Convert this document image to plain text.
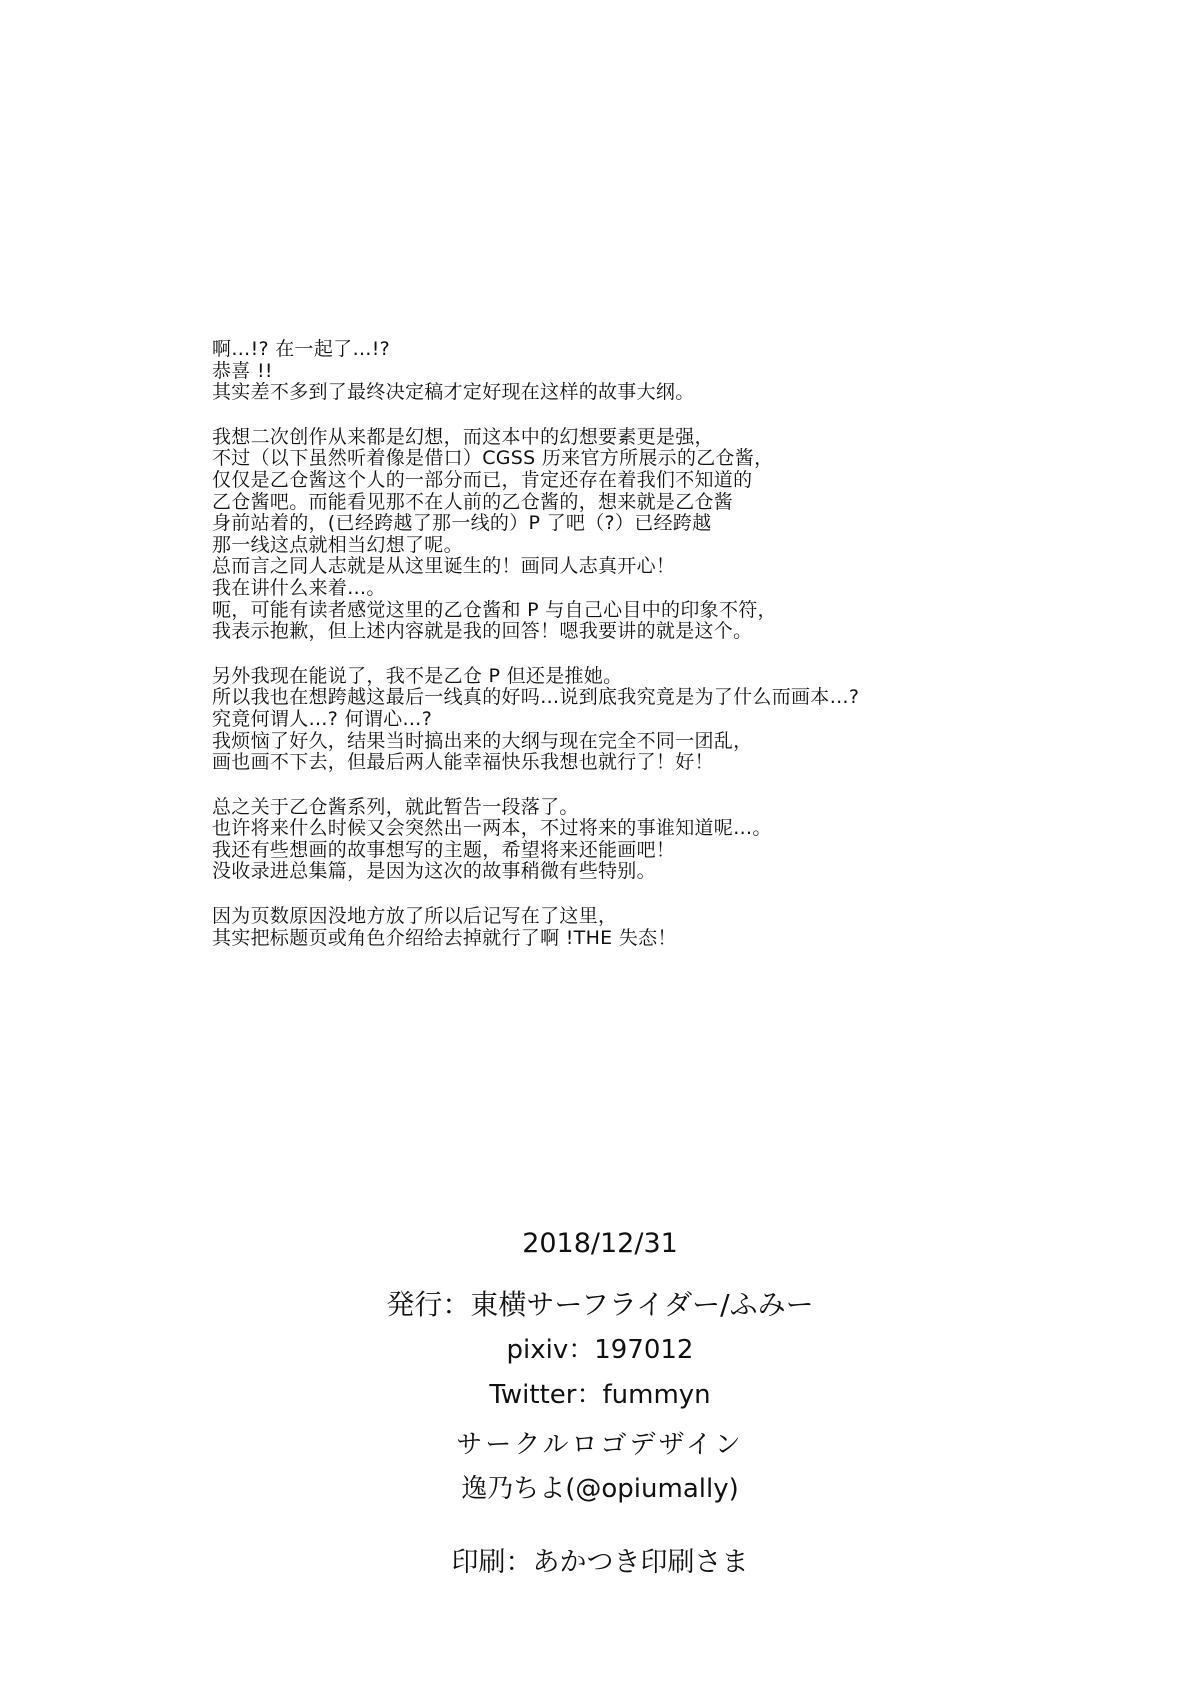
啊…!? 在一起了…!?
恭喜 !!
其实差不多到了最终决定稿才定好现在这样的故事大纲。
我想二次创作从来都是幻想，而这本中的幻想要素更是强，
不过（以下虽然听着像是借口）CGSS 历来官方所展示的乙仓酱，
仅仅是乙仓酱这个人的一部分而已，肯定还存在着我们不知道的
乙仓酱吧。而能看见那不在人前的乙仓酱的，想来就是乙仓酱
身前站着的，(已经跨越了那一线的）P 了吧（?）已经跨越
那一线这点就相当幻想了呢。
总而言之同人志就是从这里诞生的！画同人志真开心！
我在讲什么来着…。
呃，可能有读者感觉这里的乙仓酱和 P 与自己心目中的印象不符，
我表示抱歉，但上述内容就是我的回答！嗯我要讲的就是这个。
另外我现在能说了，我不是乙仓 P 但还是推她。
所以我也在想跨越这最后一线真的好吗…说到底我究竟是为了什么而画本…?
究竟何谓人…? 何谓心…?
我烦恼了好久，结果当时搞出来的大纲与现在完全不同一团乱，
画也画不下去，但最后两人能幸福快乐我想也就行了！好！
总之关于乙仓酱系列，就此暂告一段落了。
也许将来什么时候又会突然出一两本，不过将来的事谁知道呢…。
我还有些想画的故事想写的主题，希望将来还能画吧！
没收录进总集篇，是因为这次的故事稍微有些特别。
因为页数原因没地方放了所以后记写在了这里，
其实把标题页或角色介绍给去掉就行了啊 !THE 失态！
2018/12/31
発行：東横サーフライダー/ふみー
pixiv：197012
Twitter：fummyn
サークルロゴデザイン
逸乃ちよ(@opiumally)
印刷：あかつき印刷さま
